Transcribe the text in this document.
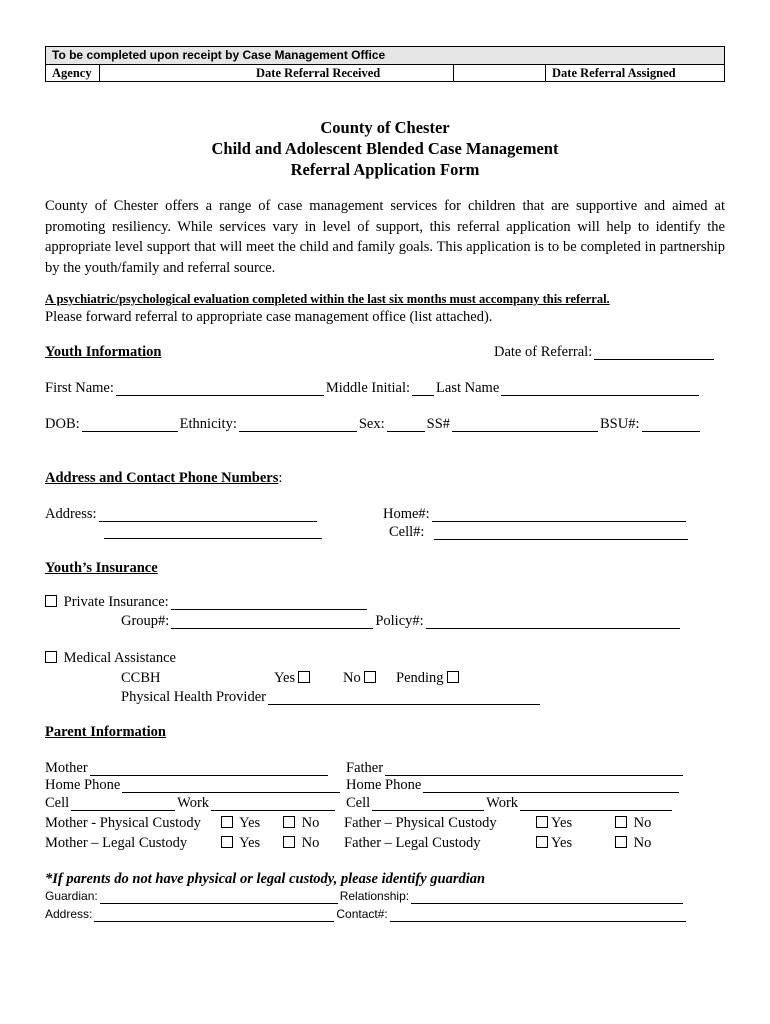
To be completed upon receipt by Case Management Office
Agency	Date Referral Received	Date Referral Assigned
County of Chester
Child and Adolescent Blended Case Management
Referral Application Form
County of Chester offers a range of case management services for children that are supportive and aimed at promoting resiliency. While services vary in level of support, this referral application will help to identify the appropriate level support that will meet the child and family goals. This application is to be completed in partnership by the youth/family and referral source.
A psychiatric/psychological evaluation completed within the last six months must accompany this referral.
Please forward referral to appropriate case management office (list attached).
Youth Information	Date of Referral:
First Name:	Middle Initial: Last Name
DOB:	Ethnicity:	Sex:	SS#	BSU#:
Address and Contact Phone Numbers:
Address:	Home#:
Cell#:
Youth’s Insurance
Private Insurance:
Group#:	Policy#:
Medical Assistance
CCBH	Yes	No	Pending
Physical Health Provider
Parent Information
Mother	Father
Home Phone	Home Phone
Cell	Work	Cell	Work
Mother - Physical Custody	Yes	No Father – Physical Custody	Yes	No
Mother – Legal Custody	Yes	No Father – Legal Custody	Yes	No
*If parents do not have physical or legal custody, please identify guardian
Guardian:	Relationship:
Address:	Contact#:
